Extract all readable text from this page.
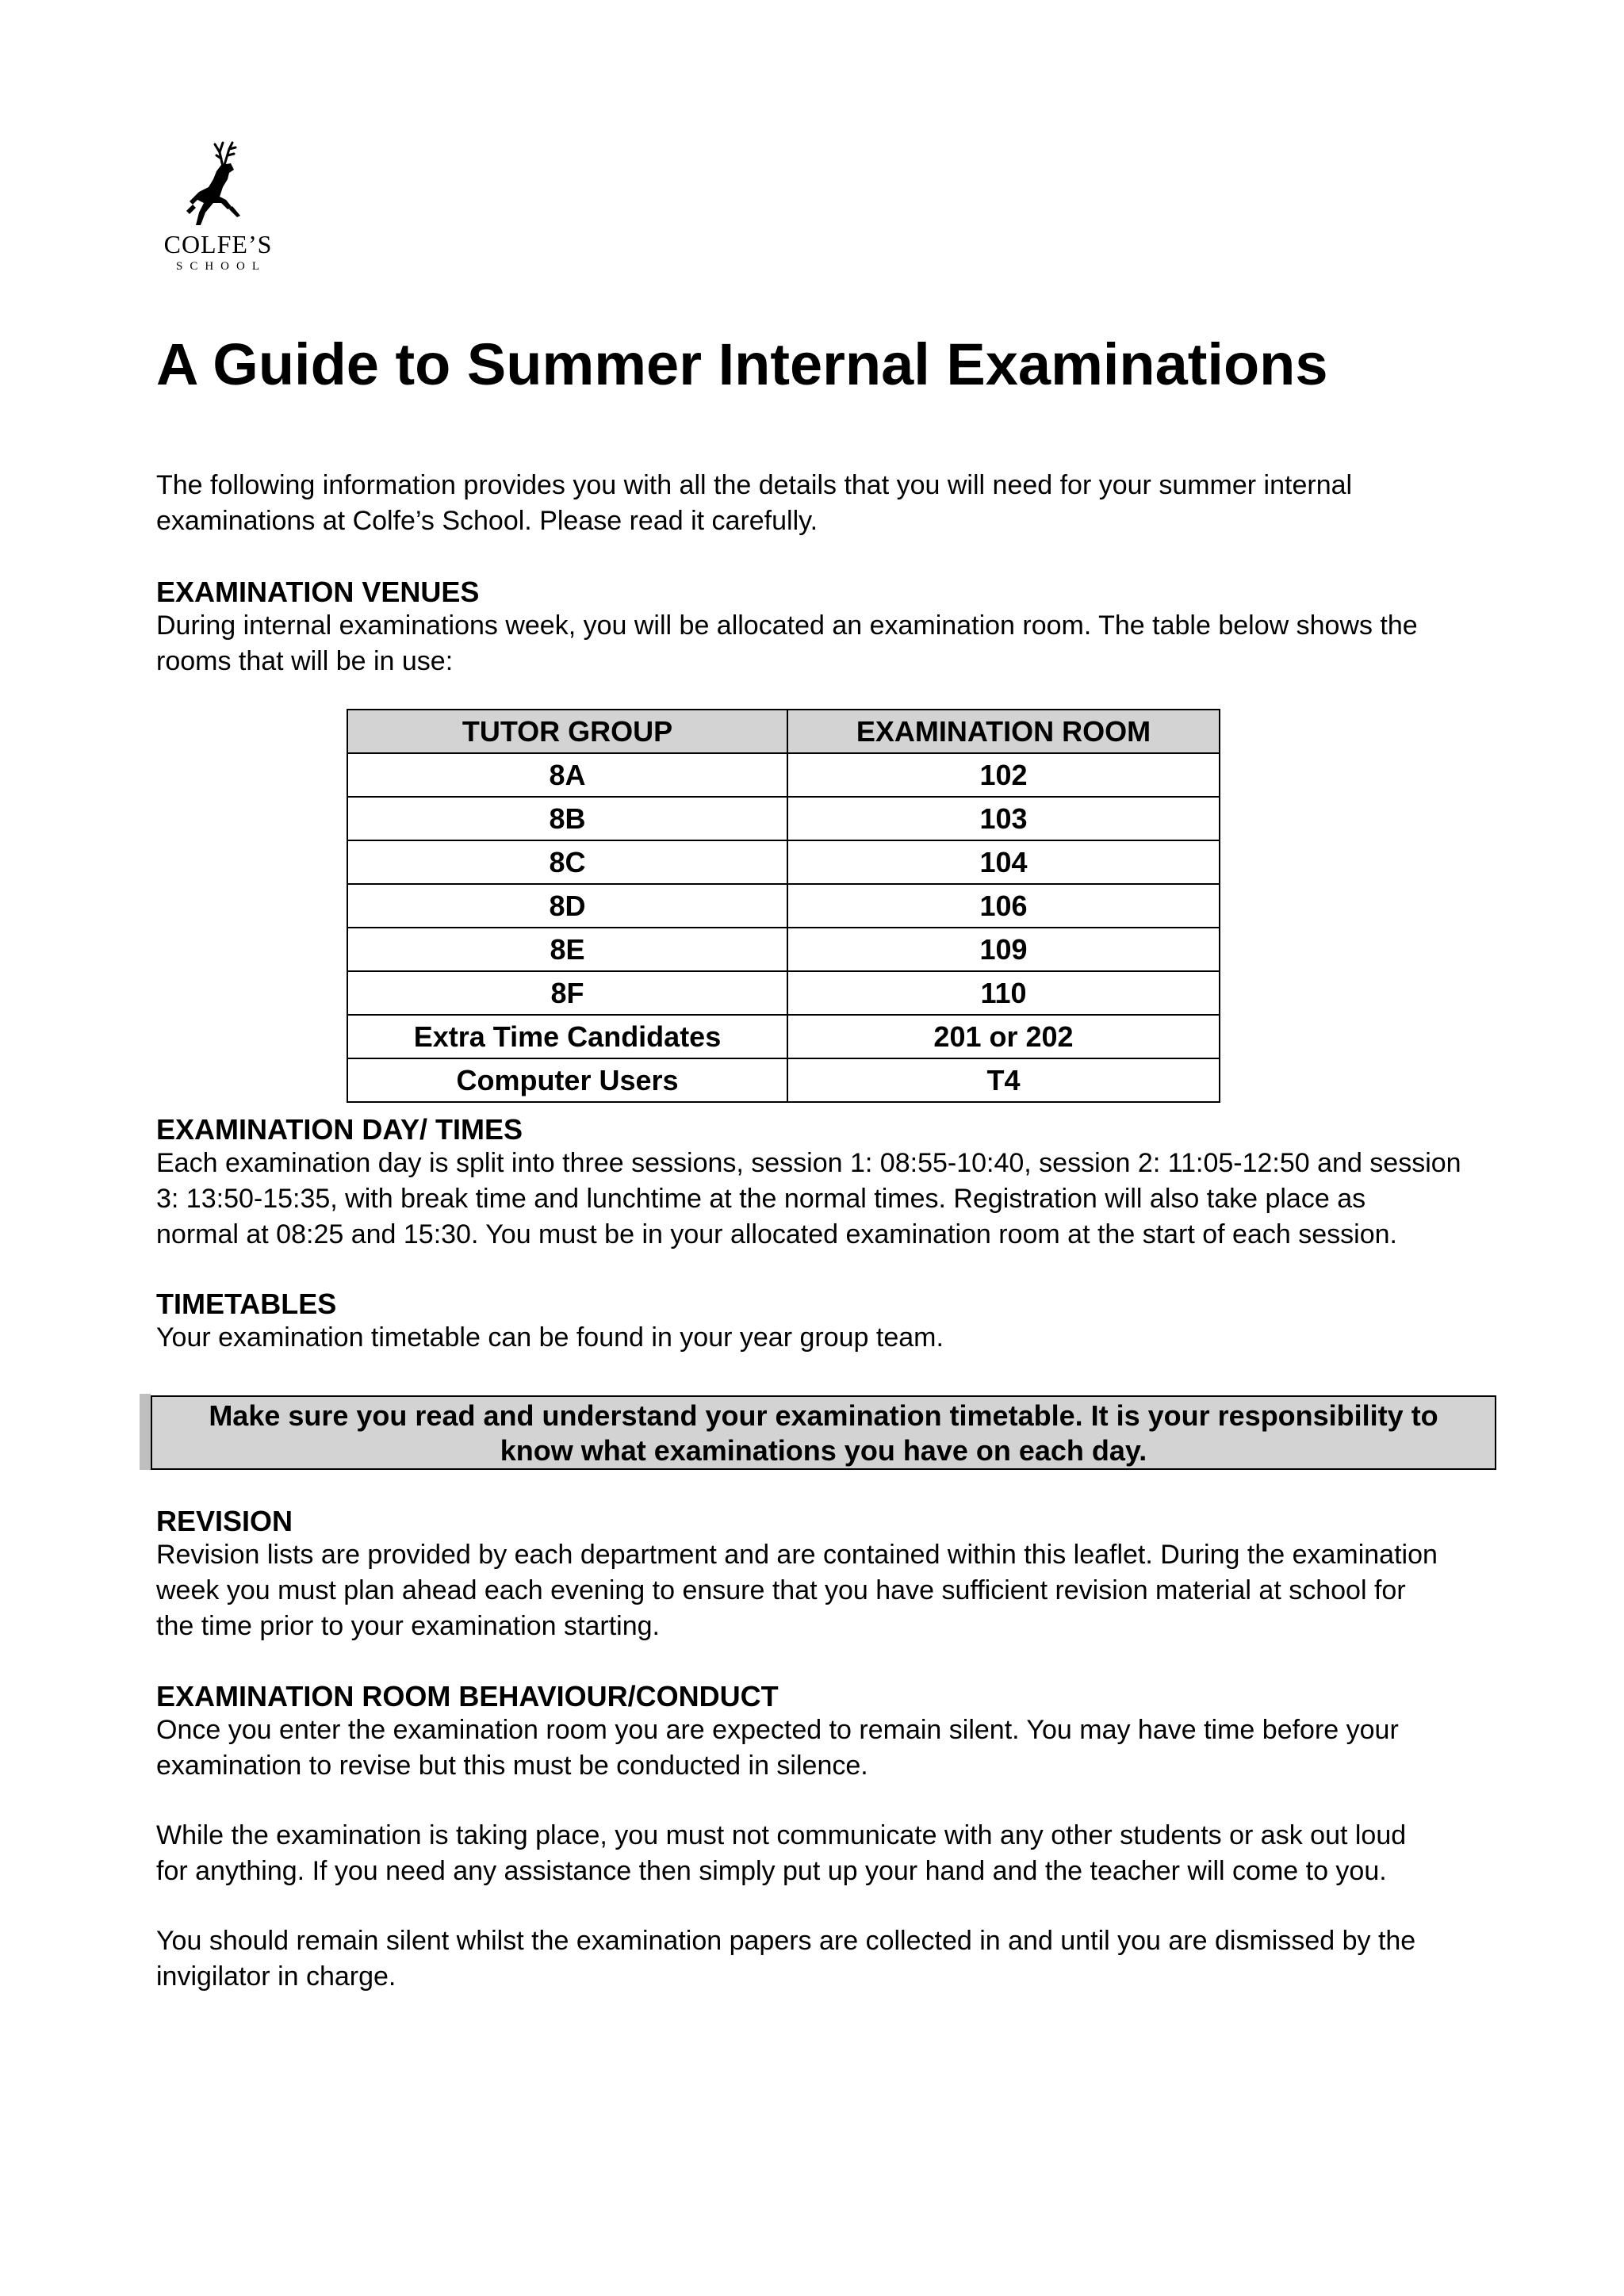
COLFE’S
SCHOOL
A Guide to Summer Internal Examinations
The following information provides you with all the details that you will need for your summer internal
examinations at Colfe’s School. Please read it carefully.
EXAMINATION VENUES
During internal examinations week, you will be allocated an examination room. The table below shows the
rooms that will be in use:
TUTOR GROUP	EXAMINATION ROOM
8A	102
8B	103
8C	104
8D	106
8E	109
8F	110
Extra Time Candidates	201 or 202
Computer Users	T4
EXAMINATION DAY/ TIMES
Each examination day is split into three sessions, session 1: 08:55-10:40, session 2: 11:05-12:50 and session
3: 13:50-15:35, with break time and lunchtime at the normal times. Registration will also take place as
normal at 08:25 and 15:30. You must be in your allocated examination room at the start of each session.
TIMETABLES
Your examination timetable can be found in your year group team.
Make sure you read and understand your examination timetable. It is your responsibility to
know what examinations you have on each day.
REVISION
Revision lists are provided by each department and are contained within this leaflet. During the examination
week you must plan ahead each evening to ensure that you have sufficient revision material at school for
the time prior to your examination starting.
EXAMINATION ROOM BEHAVIOUR/CONDUCT
Once you enter the examination room you are expected to remain silent. You may have time before your
examination to revise but this must be conducted in silence.
While the examination is taking place, you must not communicate with any other students or ask out loud
for anything. If you need any assistance then simply put up your hand and the teacher will come to you.
You should remain silent whilst the examination papers are collected in and until you are dismissed by the
invigilator in charge.
